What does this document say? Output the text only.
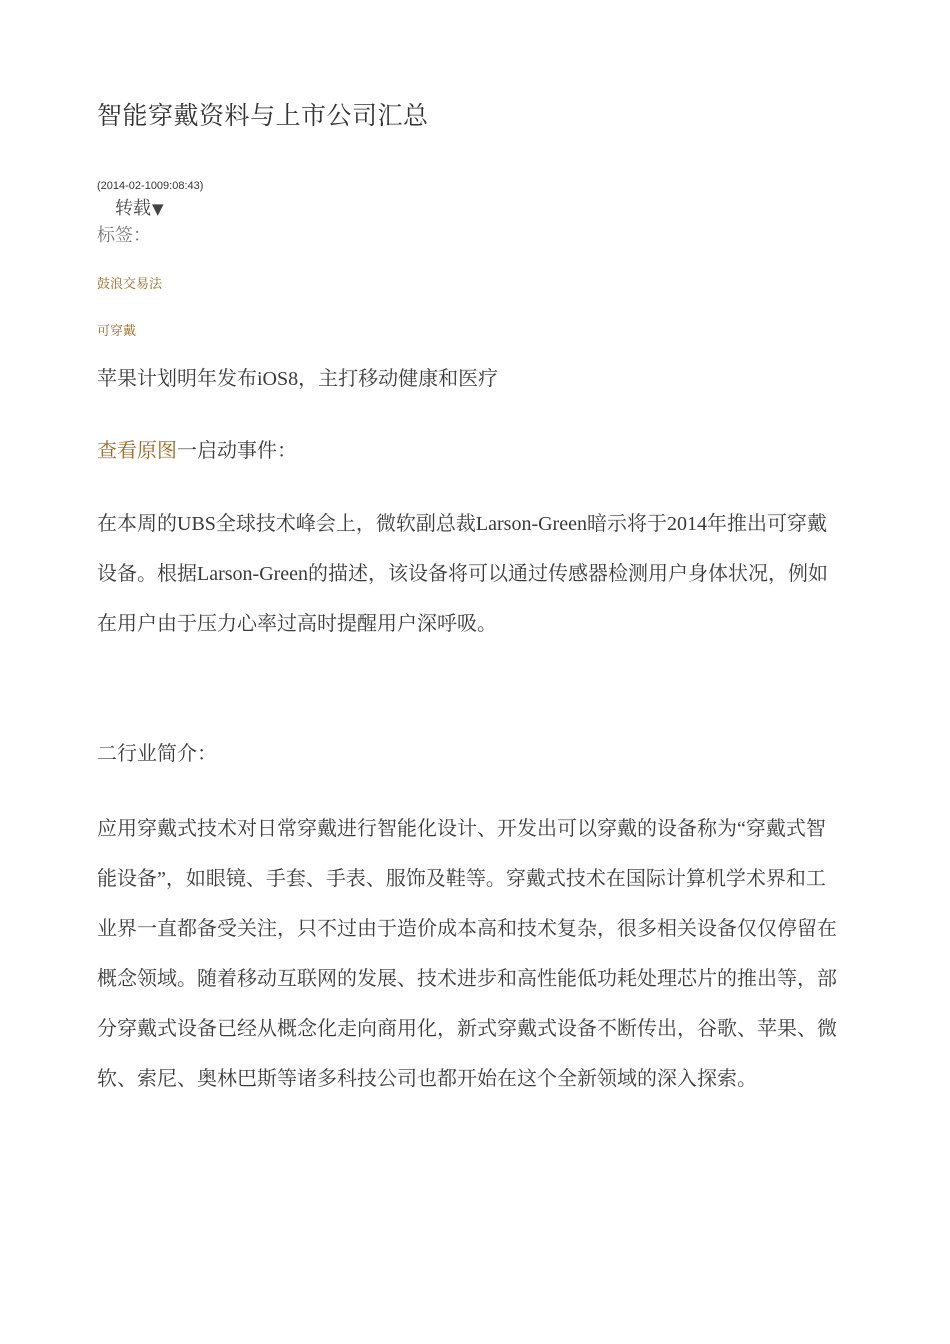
智能穿戴资料与上市公司汇总
(2014-02-1009:08:43)
转载▼
标签：
鼓浪交易法
可穿戴

苹果计划明年发布iOS8，主打移动健康和医疗

查看原图一启动事件：

在本周的UBS全球技术峰会上，微软副总裁Larson-Green暗示将于2014年推出可穿戴设备。根据Larson-Green的描述，该设备将可以通过传感器检测用户身体状况，例如在用户由于压力心率过高时提醒用户深呼吸。

二行业简介：

应用穿戴式技术对日常穿戴进行智能化设计、开发出可以穿戴的设备称为“穿戴式智能设备”，如眼镜、手套、手表、服饰及鞋等。穿戴式技术在国际计算机学术界和工业界一直都备受关注，只不过由于造价成本高和技术复杂，很多相关设备仅仅停留在概念领域。随着移动互联网的发展、技术进步和高性能低功耗处理芯片的推出等，部分穿戴式设备已经从概念化走向商用化，新式穿戴式设备不断传出，谷歌、苹果、微软、索尼、奥林巴斯等诸多科技公司也都开始在这个全新领域的深入探索。
